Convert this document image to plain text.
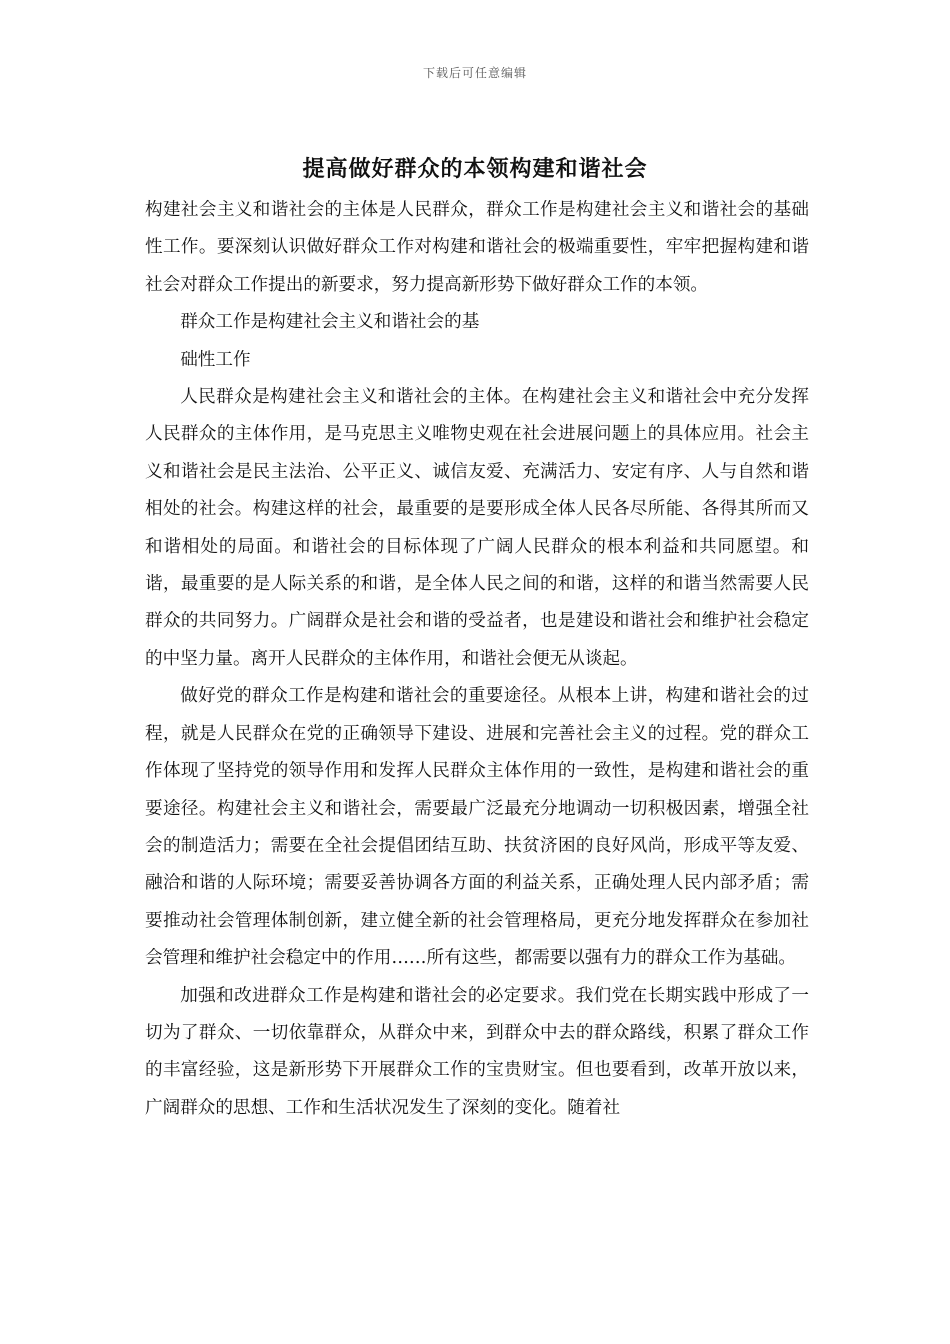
下载后可任意编辑
提高做好群众的本领构建和谐社会

构建社会主义和谐社会的主体是人民群众，群众工作是构建社会主义和谐社会的基础性工作。要深刻认识做好群众工作对构建和谐社会的极端重要性，牢牢把握构建和谐社会对群众工作提出的新要求，努力提高新形势下做好群众工作的本领。

群众工作是构建社会主义和谐社会的基

础性工作

人民群众是构建社会主义和谐社会的主体。在构建社会主义和谐社会中充分发挥人民群众的主体作用，是马克思主义唯物史观在社会进展问题上的具体应用。社会主义和谐社会是民主法治、公平正义、诚信友爱、充满活力、安定有序、人与自然和谐相处的社会。构建这样的社会，最重要的是要形成全体人民各尽所能、各得其所而又和谐相处的局面。和谐社会的目标体现了广阔人民群众的根本利益和共同愿望。和谐，最重要的是人际关系的和谐，是全体人民之间的和谐，这样的和谐当然需要人民群众的共同努力。广阔群众是社会和谐的受益者，也是建设和谐社会和维护社会稳定的中坚力量。离开人民群众的主体作用，和谐社会便无从谈起。

做好党的群众工作是构建和谐社会的重要途径。从根本上讲，构建和谐社会的过程，就是人民群众在党的正确领导下建设、进展和完善社会主义的过程。党的群众工作体现了坚持党的领导作用和发挥人民群众主体作用的一致性，是构建和谐社会的重要途径。构建社会主义和谐社会，需要最广泛最充分地调动一切积极因素，增强全社会的制造活力；需要在全社会提倡团结互助、扶贫济困的良好风尚，形成平等友爱、融洽和谐的人际环境；需要妥善协调各方面的利益关系，正确处理人民内部矛盾；需要推动社会管理体制创新，建立健全新的社会管理格局，更充分地发挥群众在参加社会管理和维护社会稳定中的作用……所有这些，都需要以强有力的群众工作为基础。

加强和改进群众工作是构建和谐社会的必定要求。我们党在长期实践中形成了一切为了群众、一切依靠群众，从群众中来，到群众中去的群众路线，积累了群众工作的丰富经验，这是新形势下开展群众工作的宝贵财宝。但也要看到，改革开放以来，广阔群众的思想、工作和生活状况发生了深刻的变化。随着社
